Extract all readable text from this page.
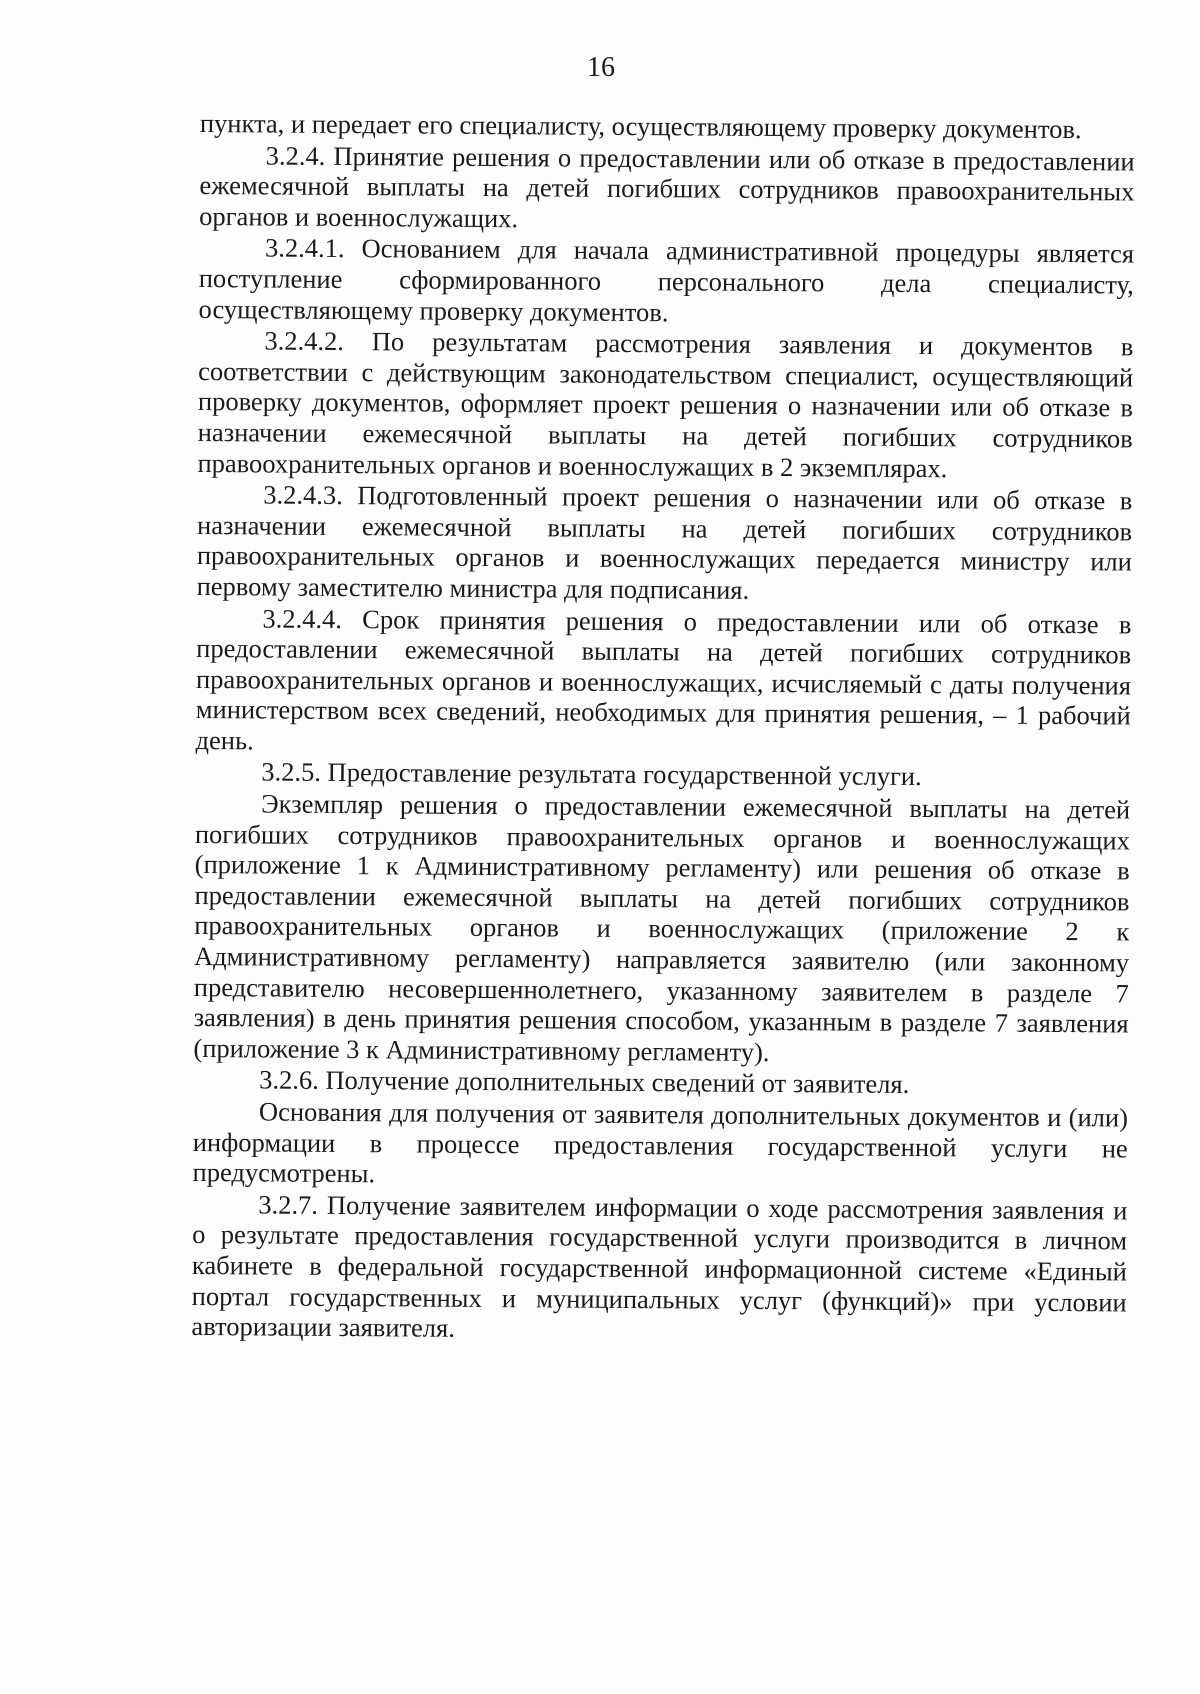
16

пункта, и передает его специалисту, осуществляющему проверку документов.

3.2.4. Принятие решения о предоставлении или об отказе в предоставлении ежемесячной выплаты на детей погибших сотрудников правоохранительных органов и военнослужащих.

3.2.4.1. Основанием для начала административной процедуры является поступление сформированного персонального дела специалисту, осуществляющему проверку документов.

3.2.4.2. По результатам рассмотрения заявления и документов в соответствии с действующим законодательством специалист, осуществляющий проверку документов, оформляет проект решения о назначении или об отказе в назначении ежемесячной выплаты на детей погибших сотрудников правоохранительных органов и военнослужащих в 2 экземплярах.

3.2.4.3. Подготовленный проект решения о назначении или об отказе в назначении ежемесячной выплаты на детей погибших сотрудников правоохранительных органов и военнослужащих передается министру или первому заместителю министра для подписания.

3.2.4.4. Срок принятия решения о предоставлении или об отказе в предоставлении ежемесячной выплаты на детей погибших сотрудников правоохранительных органов и военнослужащих, исчисляемый с даты получения министерством всех сведений, необходимых для принятия решения, – 1 рабочий день.

3.2.5. Предоставление результата государственной услуги.

Экземпляр решения о предоставлении ежемесячной выплаты на детей погибших сотрудников правоохранительных органов и военнослужащих (приложение 1 к Административному регламенту) или решения об отказе в предоставлении ежемесячной выплаты на детей погибших сотрудников правоохранительных органов и военнослужащих (приложение 2 к Административному регламенту) направляется заявителю (или законному представителю несовершеннолетнего, указанному заявителем в разделе 7 заявления) в день принятия решения способом, указанным в разделе 7 заявления (приложение 3 к Административному регламенту).

3.2.6. Получение дополнительных сведений от заявителя.

Основания для получения от заявителя дополнительных документов и (или) информации в процессе предоставления государственной услуги не предусмотрены.

3.2.7. Получение заявителем информации о ходе рассмотрения заявления и о результате предоставления государственной услуги производится в личном кабинете в федеральной государственной информационной системе «Единый портал государственных и муниципальных услуг (функций)» при условии авторизации заявителя.
